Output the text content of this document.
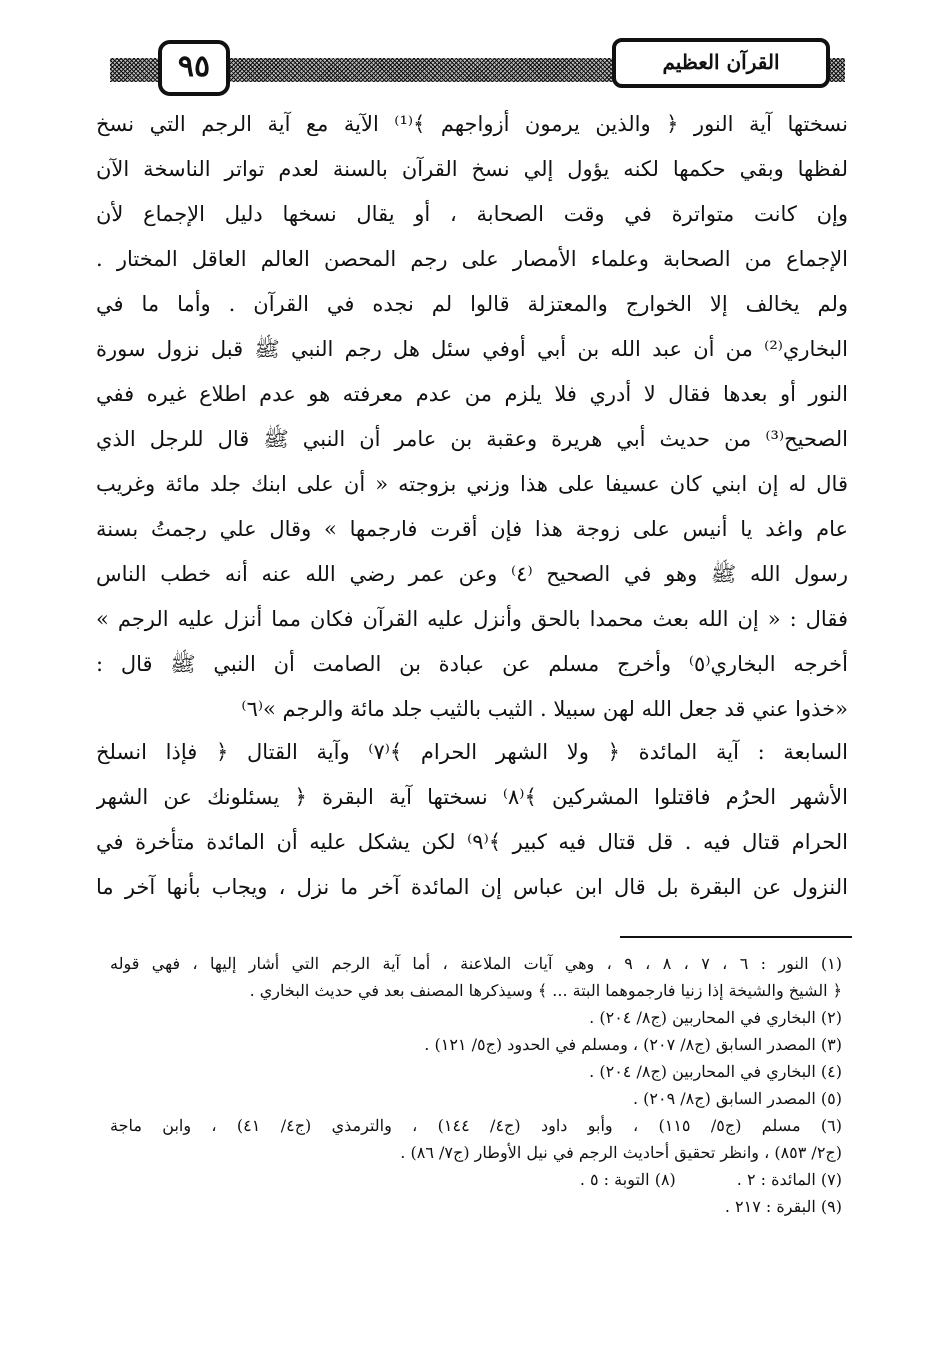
٩٥	القرآن العظيم
نسختها آية النور ﴿ والذين يرمون أزواجهم ﴾⁽¹⁾ الآية مع آية الرجم التي نسخ
لفظها وبقي حكمها لكنه يؤول إلي نسخ القرآن بالسنة لعدم تواتر الناسخة الآن
وإن كانت متواترة في وقت الصحابة ، أو يقال نسخها دليل الإجماع لأن
الإجماع من الصحابة وعلماء الأمصار على رجم المحصن العالم العاقل المختار .
ولم يخالف إلا الخوارج والمعتزلة قالوا لم نجده في القرآن . وأما ما في
البخاري⁽²⁾ من أن عبد الله بن أبي أوفي سئل هل رجم النبي ﷺ قبل نزول سورة
النور أو بعدها فقال لا أدري فلا يلزم من عدم معرفته هو عدم اطلاع غيره ففي
الصحيح⁽³⁾ من حديث أبي هريرة وعقبة بن عامر أن النبي ﷺ قال للرجل الذي
قال له إن ابني كان عسيفا على هذا وزني بزوجته « أن على ابنك جلد مائة وغريب
عام واغد يا أنيس على زوجة هذا فإن أقرت فارجمها » وقال علي رجمتُ بسنة
رسول الله ﷺ وهو في الصحيح ⁽٤⁾ وعن عمر رضي الله عنه أنه خطب الناس
فقال : « إن الله بعث محمدا بالحق وأنزل عليه القرآن فكان مما أنزل عليه الرجم »
أخرجه البخاري⁽٥⁾ وأخرج مسلم عن عبادة بن الصامت أن النبي ﷺ قال :
«خذوا عني قد جعل الله لهن سبيلا . الثيب بالثيب جلد مائة والرجم »⁽٦⁾
السابعة : آية المائدة ﴿ ولا الشهر الحرام ﴾⁽٧⁾ وآية القتال ﴿ فإذا انسلخ
الأشهر الحرُم فاقتلوا المشركين ﴾⁽٨⁾ نسختها آية البقرة ﴿ يسئلونك عن الشهر
الحرام قتال فيه . قل قتال فيه كبير ﴾⁽٩⁾ لكن يشكل عليه أن المائدة متأخرة في
النزول عن البقرة بل قال ابن عباس إن المائدة آخر ما نزل ، ويجاب بأنها آخر ما
(١) النور : ٦ ، ٧ ، ٨ ، ٩ ، وهي آيات الملاعنة ، أما آية الرجم التي أشار إليها ، فهي قوله
﴿ الشيخ والشيخة إذا زنيا فارجموهما البتة ... ﴾ وسيذكرها المصنف بعد في حديث البخاري .
(٢) البخاري في المحاربين (ج٨/ ٢٠٤) .
(٣) المصدر السابق (ج٨/ ٢٠٧) ، ومسلم في الحدود (ج٥/ ١٢١) .
(٤) البخاري في المحاربين (ج٨/ ٢٠٤) .
(٥) المصدر السابق (ج٨/ ٢٠٩) .
(٦) مسلم (ج٥/ ١١٥) ، وأبو داود (ج٤/ ١٤٤) ، والترمذي (ج٤/ ٤١) ، وابن ماجة
(ج٢/ ٨٥٣) ، وانظر تحقيق أحاديث الرجم في نيل الأوطار (ج٧/ ٨٦) .
(٧) المائدة : ٢ .            (٨) التوبة : ٥ .
(٩) البقرة : ٢١٧ .
